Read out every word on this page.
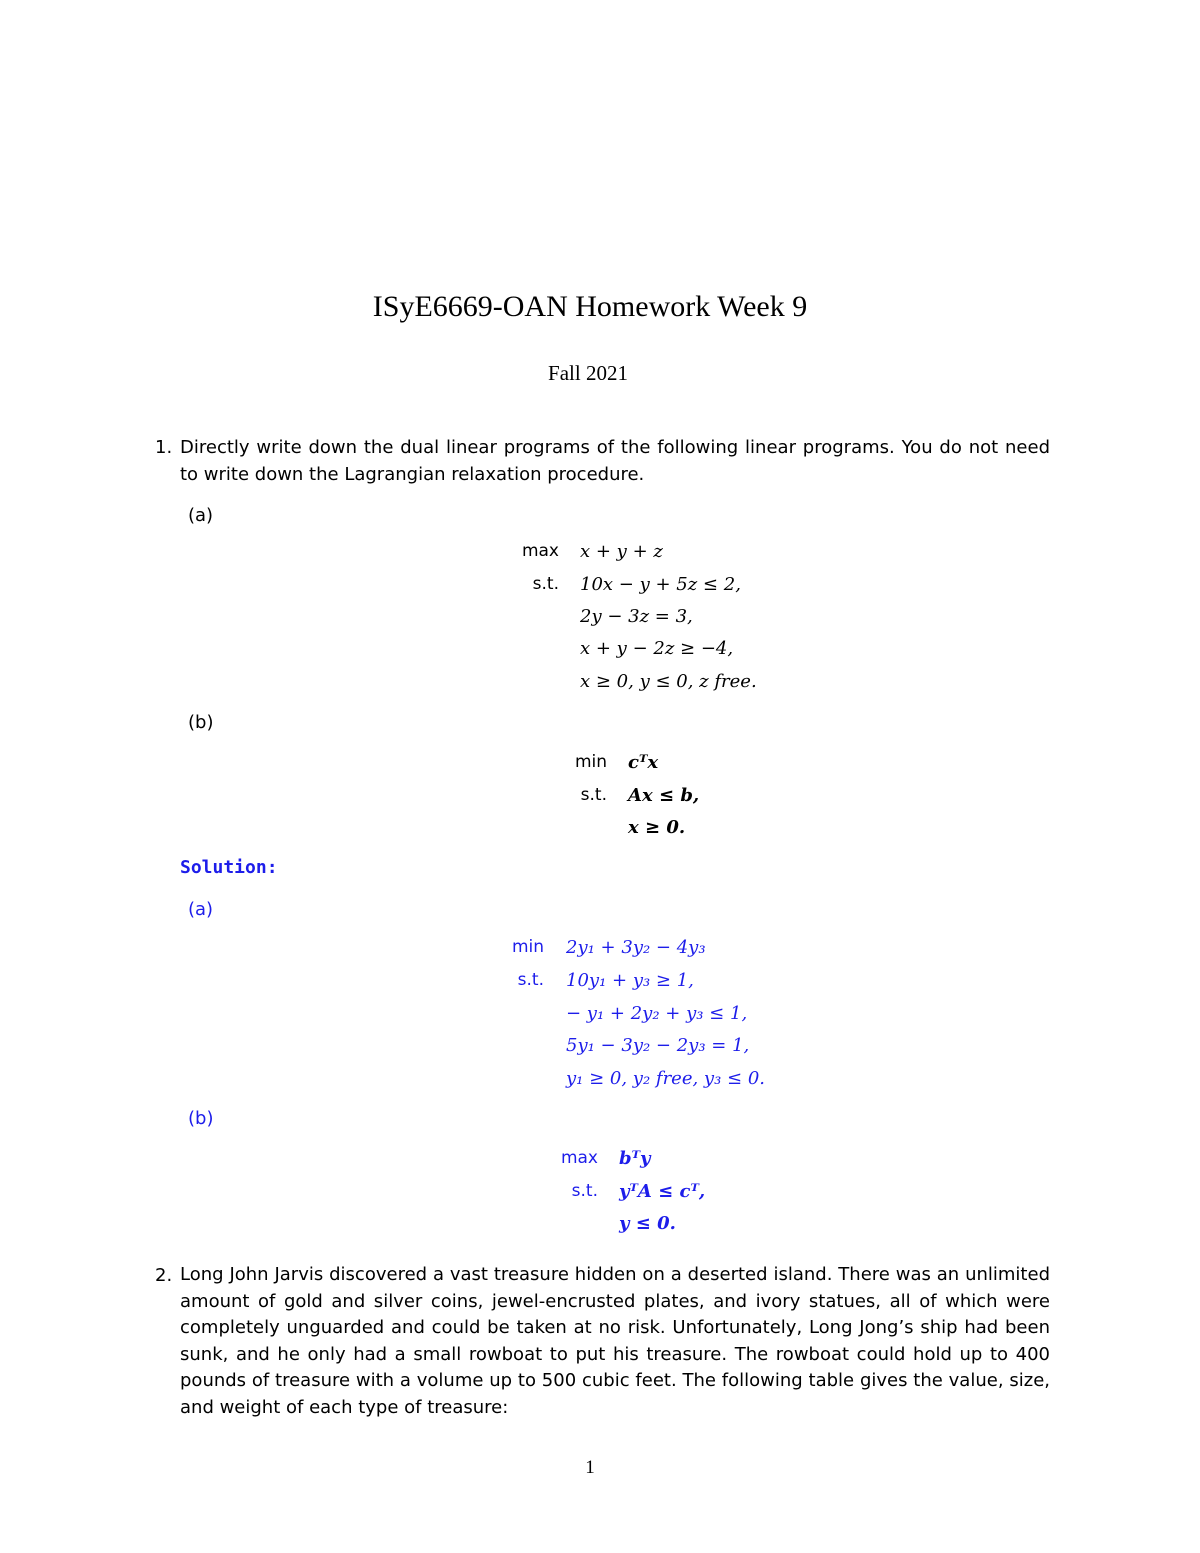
ISyE6669-OAN Homework Week 9
Fall 2021
1. Directly write down the dual linear programs of the following linear programs. You do not need to write down the Lagrangian relaxation procedure.
(a)
max x + y + z
s.t. 10x − y + 5z ≤ 2,
2y − 3z = 3,
x + y − 2z ≥ −4,
x ≥ 0, y ≤ 0, z free.
(b)
min cᵀx
s.t. Ax ≤ b,
x ≥ 0.
Solution:
(a)
min 2y₁ + 3y₂ − 4y₃
s.t. 10y₁ + y₃ ≥ 1,
− y₁ + 2y₂ + y₃ ≤ 1,
5y₁ − 3y₂ − 2y₃ = 1,
y₁ ≥ 0, y₂ free, y₃ ≤ 0.
(b)
max bᵀy
s.t. yᵀA ≤ cᵀ,
y ≤ 0.
2. Long John Jarvis discovered a vast treasure hidden on a deserted island. There was an unlimited amount of gold and silver coins, jewel-encrusted plates, and ivory statues, all of which were completely unguarded and could be taken at no risk. Unfortunately, Long Jong’s ship had been sunk, and he only had a small rowboat to put his treasure. The rowboat could hold up to 400 pounds of treasure with a volume up to 500 cubic feet. The following table gives the value, size, and weight of each type of treasure:
1
